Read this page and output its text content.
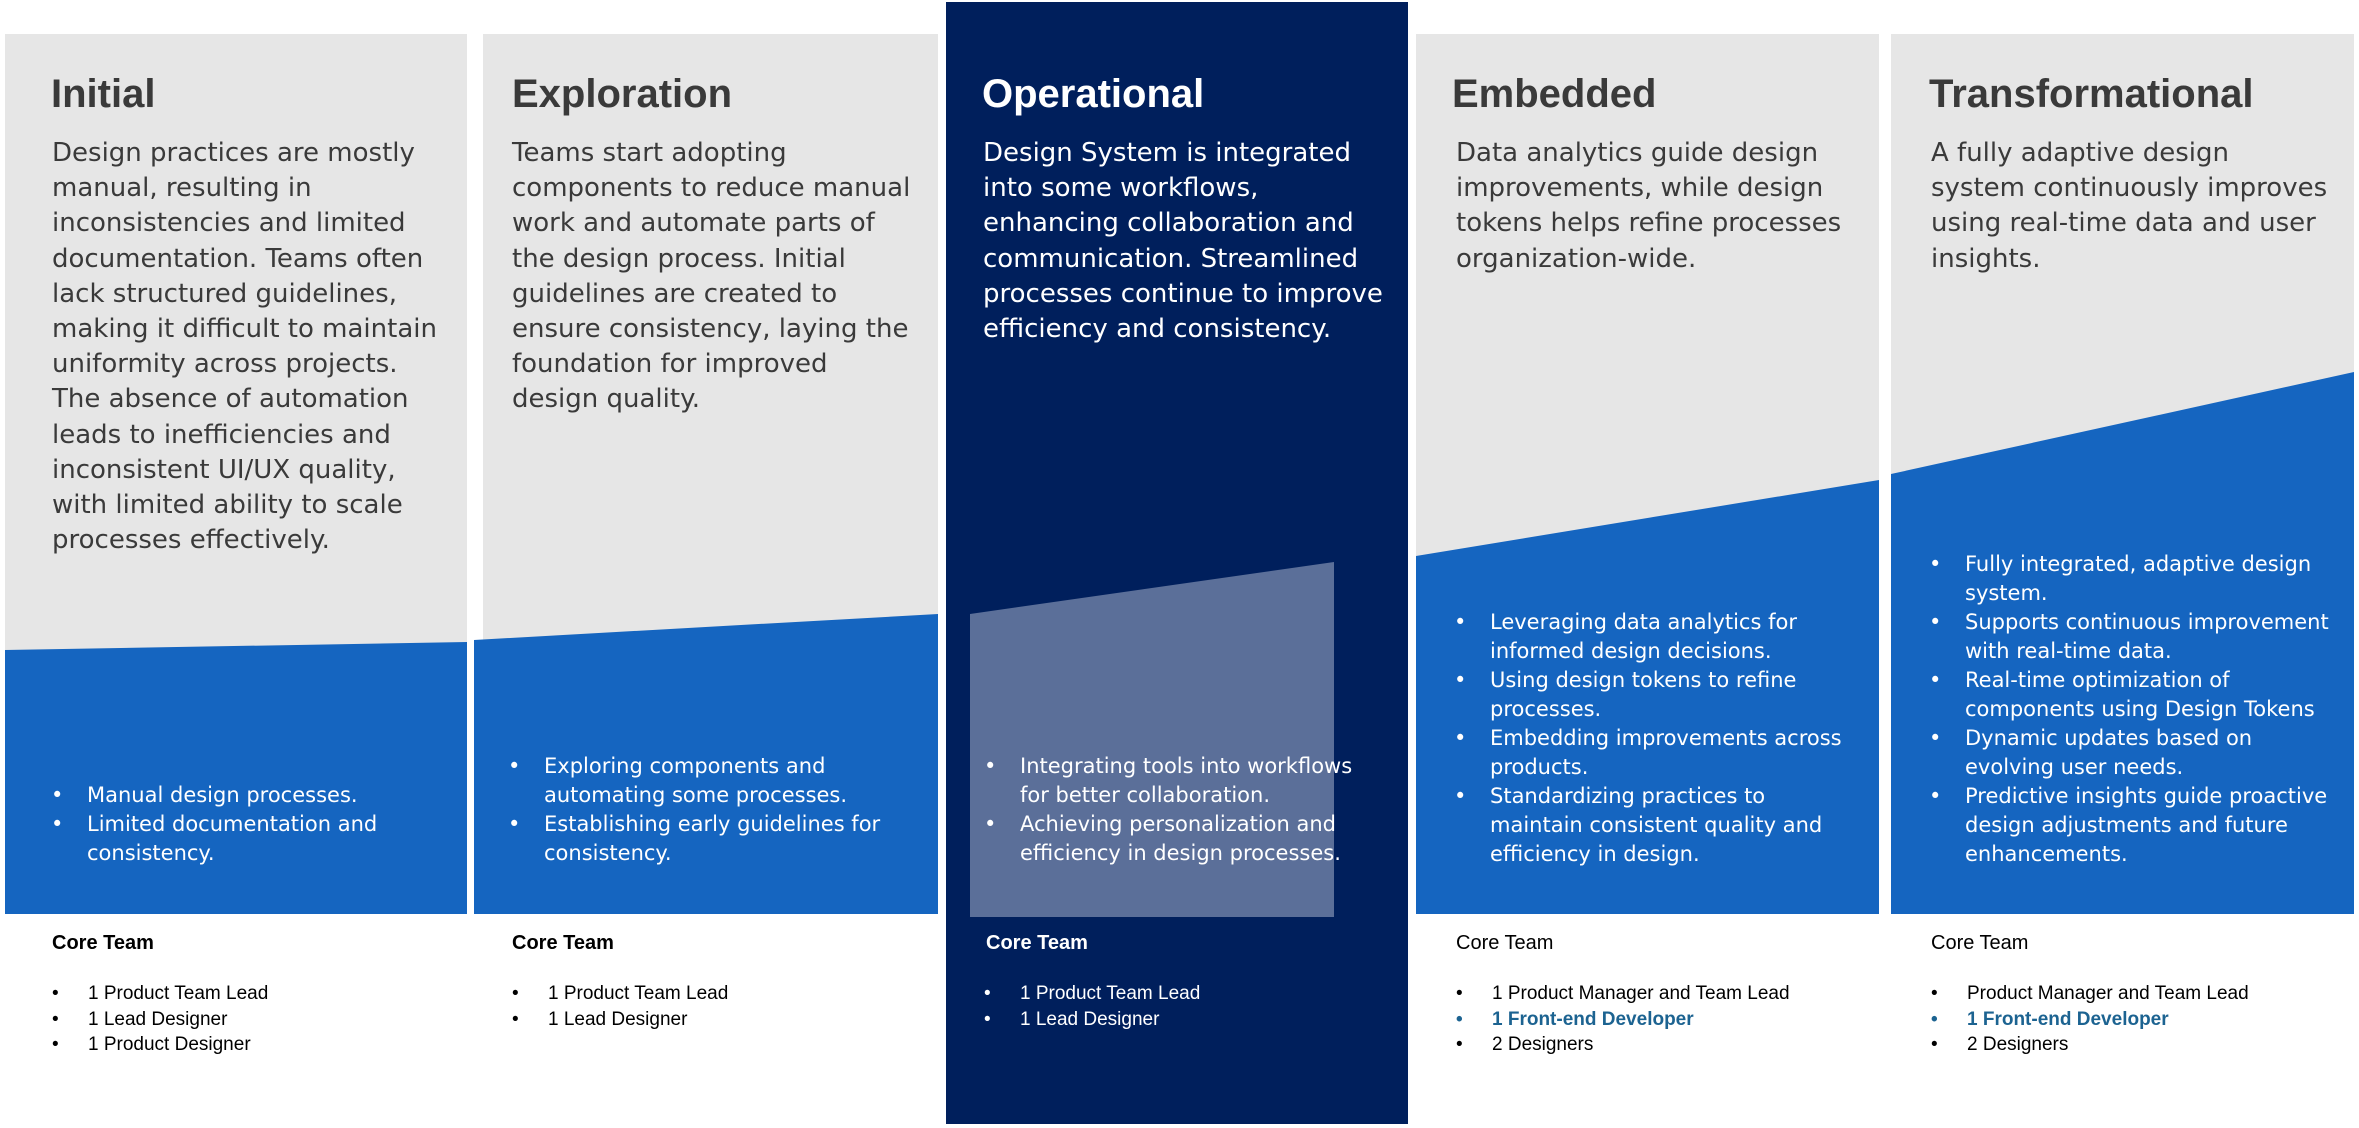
Initial

Design practices are mostly manual, resulting in inconsistencies and limited documentation. Teams often lack structured guidelines, making it difficult to maintain uniformity across projects. The absence of automation leads to inefficiencies and inconsistent UI/UX quality, with limited ability to scale processes effectively.

• Manual design processes.
• Limited documentation and consistency.
Core Team
• 1 Product Team Lead
• 1 Lead Designer
• 1 Product Designer
Exploration

Teams start adopting components to reduce manual work and automate parts of the design process. Initial guidelines are created to ensure consistency, laying the foundation for improved design quality.

• Exploring components and automating some processes.
• Establishing early guidelines for consistency.
Core Team
• 1 Product Team Lead
• 1 Lead Designer
Operational

Design System is integrated into some workflows, enhancing collaboration and communication. Streamlined processes continue to improve efficiency and consistency.

• Integrating tools into workflows for better collaboration.
• Achieving personalization and efficiency in design processes.
Core Team
• 1 Product Team Lead
• 1 Lead Designer
Embedded

Data analytics guide design improvements, while design tokens helps refine processes organization-wide.

• Leveraging data analytics for informed design decisions.
• Using design tokens to refine processes.
• Embedding improvements across products.
• Standardizing practices to maintain consistent quality and efficiency in design.
Core Team
• 1 Product Manager and Team Lead
• 1 Front-end Developer
• 2 Designers
Transformational

A fully adaptive design system continuously improves using real-time data and user insights.

• Fully integrated, adaptive design system.
• Supports continuous improvement with real-time data.
• Real-time optimization of components using Design Tokens
• Dynamic updates based on evolving user needs.
• Predictive insights guide proactive design adjustments and future enhancements.
Core Team
• Product Manager and Team Lead
• 1 Front-end Developer
• 2 Designers
